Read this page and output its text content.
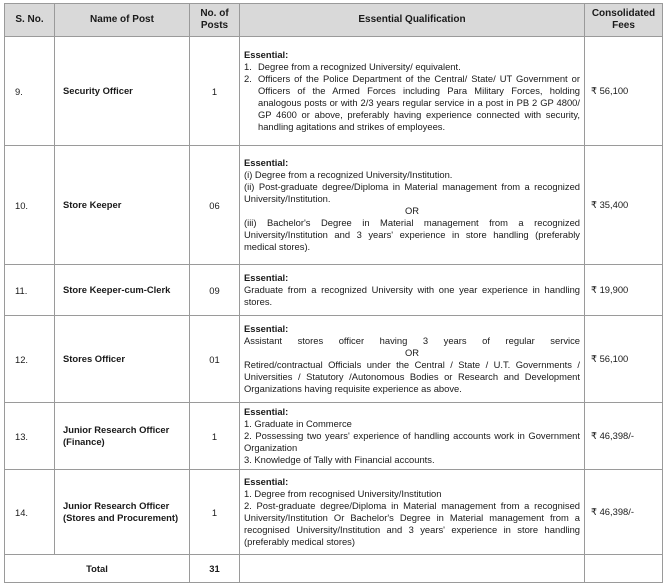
S. No.	Name of Post	No. of Posts	Essential Qualification	Consolidated Fees
9.	Security Officer	1	Essential:
1. Degree from a recognized University/ equivalent.
2. Officers of the Police Department of the Central/ State/ UT Government or Officers of the Armed Forces including Para Military Forces, holding analogous posts or with 2/3 years regular service in a post in PB 2 GP 4800/ GP 4600 or above, preferably having experience connected with security, handling agitations and strikes of employees.	₹ 56,100
10.	Store Keeper	06	Essential:
(i) Degree from a recognized University/Institution.
(ii) Post-graduate degree/Diploma in Material management from a recognized University/Institution.
OR
(iii) Bachelor's Degree in Material management from a recognized University/Institution and 3 years' experience in store handling (preferably medical stores).	₹ 35,400
11.	Store Keeper-cum-Clerk	09	Essential:
Graduate from a recognized University with one year experience in handling stores.	₹ 19,900
12.	Stores Officer	01	Essential:
Assistant stores officer having 3 years of regular service
OR
Retired/contractual Officials under the Central / State / U.T. Governments / Universities / Statutory /Autonomous Bodies or Research and Development Organizations having requisite experience as above.	₹ 56,100
13.	Junior Research Officer (Finance)	1	Essential:
1. Graduate in Commerce
2. Possessing two years' experience of handling accounts work in Government Organization
3. Knowledge of Tally with Financial accounts.	₹ 46,398/-
14.	Junior Research Officer (Stores and Procurement)	1	Essential:
1. Degree from recognised University/Institution
2. Post-graduate degree/Diploma in Material management from a recognised University/Institution Or Bachelor's Degree in Material management from a recognised University/Institution and 3 years' experience in store handling (preferably medical stores)	₹ 46,398/-
Total		31		
